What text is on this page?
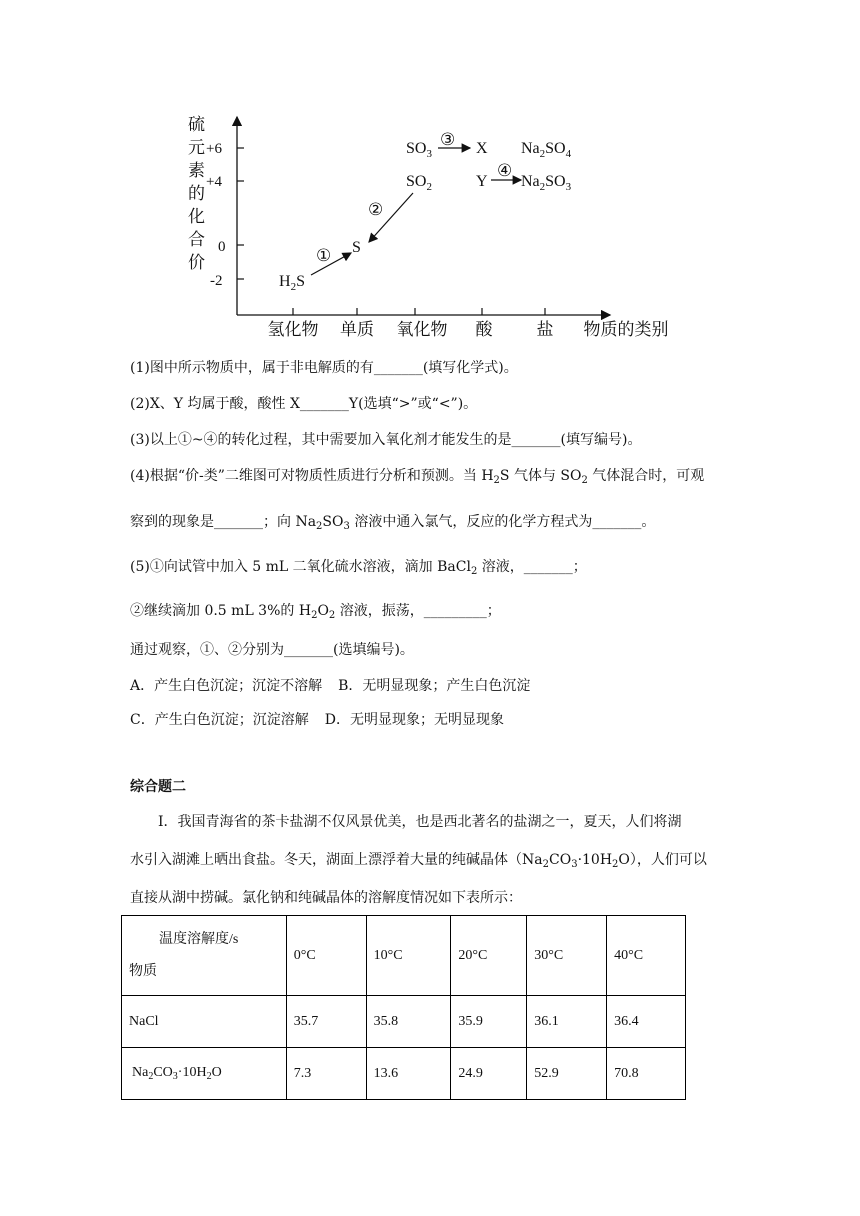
硫
元
素
的
化
合
价
+6
+4
0
-2
氢化物 单质 氧化物 酸	盐 物质的类别
$H_2S$
S
$SO_2$
$SO_3$	X
Y
$Na_2SO_4$
$Na_2SO_3$
①
②
③
④
(1)图中所示物质中，属于非电解质的有_______(填写化学式)。
(2)X、Y 均属于酸，酸性 X_______Y(选填“>”或“<”)。
(3)以上①~④的转化过程，其中需要加入氧化剂才能发生的是_______(填写编号)。
(4)根据“价-类”二维图可对物质性质进行分析和预测。当 $H_2S$ 气体与 $SO_2$ 气体混合时，可观
察到的现象是_______；向 $Na_2SO_3$ 溶液中通入氯气，反应的化学方程式为_______。
(5)①向试管中加入 5 mL 二氧化硫水溶液，滴加 BaCl$_2$ 溶液，_______；
②继续滴加 0.5 mL 3%的 $H_2O_2$ 溶液，振荡，_________；
通过观察，①、②分别为_______(选填编号)。
A．产生白色沉淀；沉淀不溶解 B．无明显现象；产生白色沉淀
C．产生白色沉淀；沉淀溶解 D．无明显现象；无明显现象
综合题二
Ⅰ．我国青海省的茶卡盐湖不仅风景优美，也是西北著名的盐湖之一，夏天，人们将湖
水引入湖滩上晒出食盐。冬天，湖面上漂浮着大量的纯碱晶体$(Na_2CO_3\cdot 10H_2O)$，人们可以
直接从湖中捞碱。氯化钠和纯碱晶体的溶解度情况如下表所示：
温度溶解度/s
物质	0°C	10°C	20°C	30°C	40°C
NaCl	35.7	35.8	35.9	36.1	36.4
$Na_2CO_3\cdot 10H_2O$	7.3	13.6	24.9	52.9	70.8
